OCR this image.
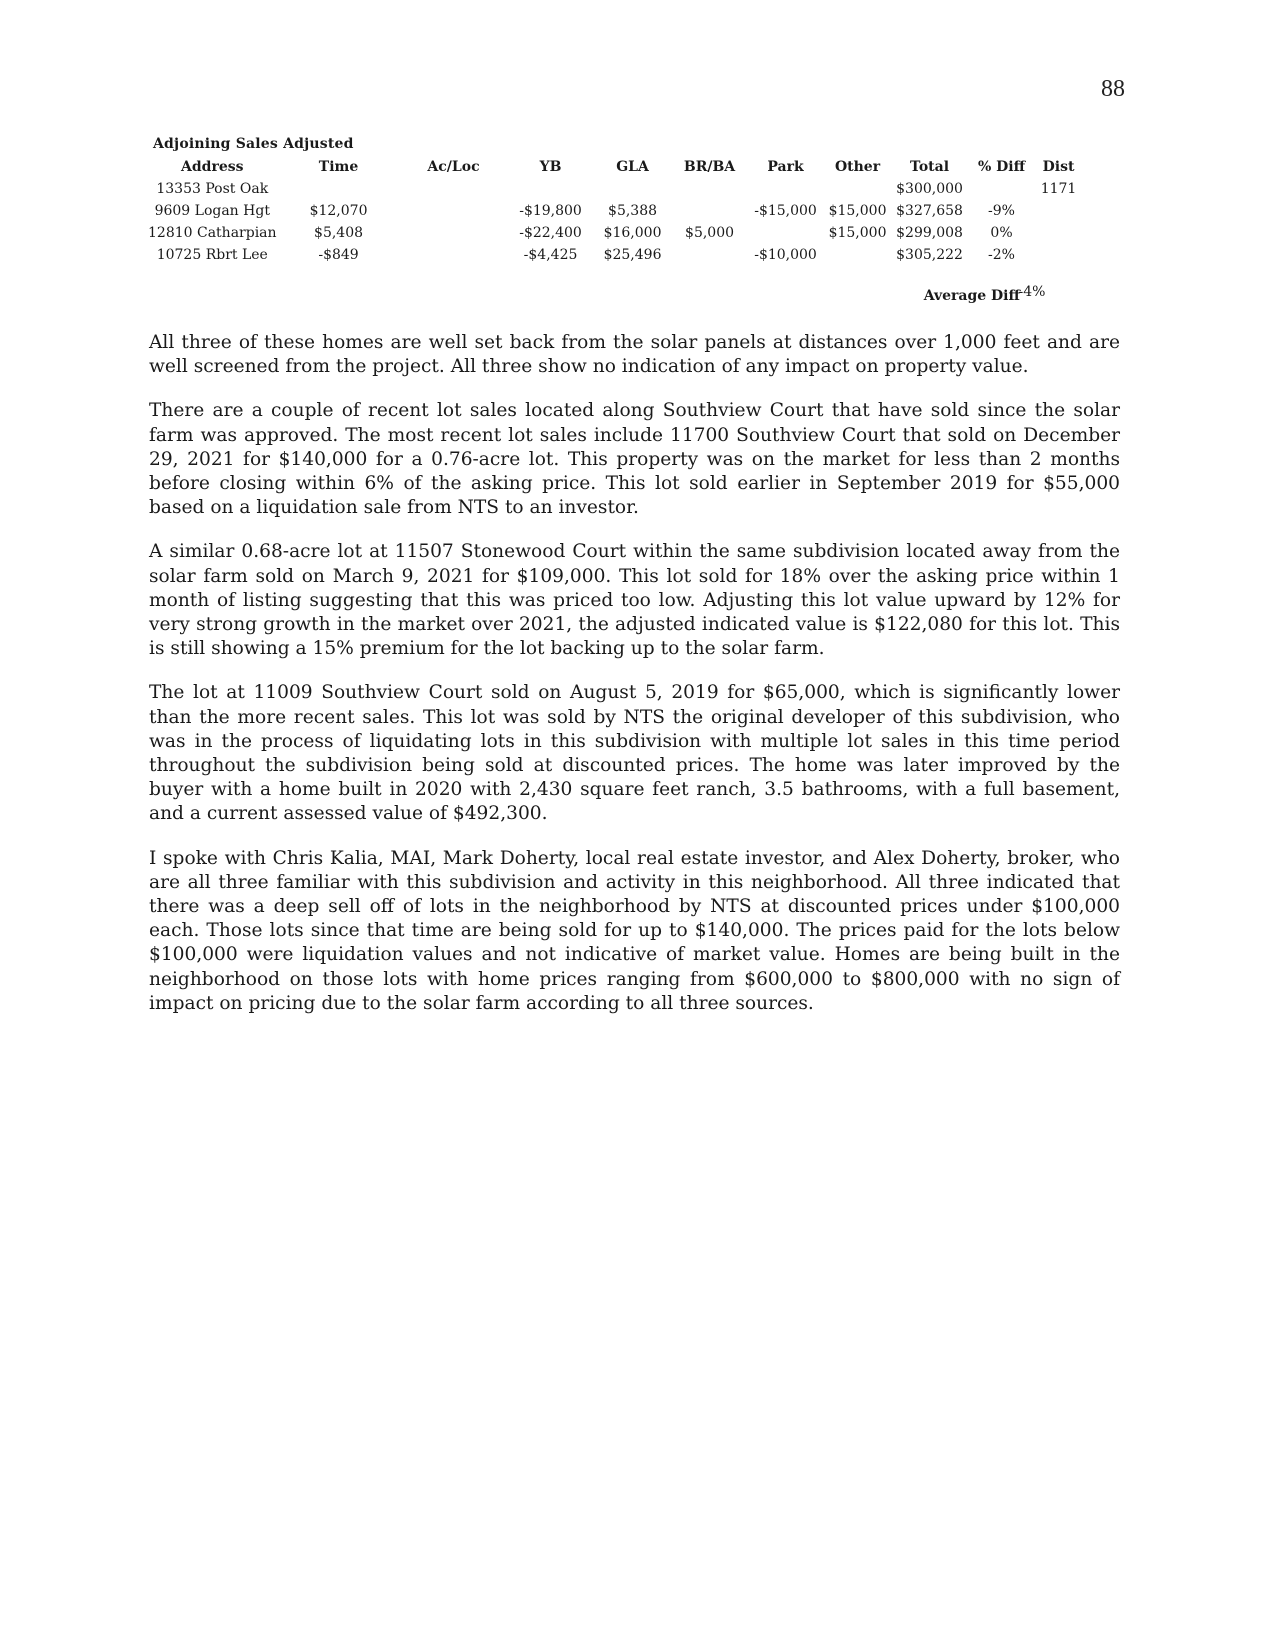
88
Adjoining Sales Adjusted
Address	Time	Ac/Loc	YB	GLA	BR/BA	Park	Other	Total	% Diff	Dist
13353 Post Oak								$300,000		1171
9609 Logan Hgt	$12,070		-$19,800	$5,388		-$15,000	$15,000	$327,658	-9%	
12810 Catharpian	$5,408		-$22,400	$16,000	$5,000		$15,000	$299,008	0%	
10725 Rbrt Lee	-$849		-$4,425	$25,496		-$10,000		$305,222	-2%	
Average Diff
-4%

All three of these homes are well set back from the solar panels at distances over 1,000 feet and are well screened from the project. All three show no indication of any impact on property value.

There are a couple of recent lot sales located along Southview Court that have sold since the solar farm was approved. The most recent lot sales include 11700 Southview Court that sold on December 29, 2021 for $140,000 for a 0.76-acre lot. This property was on the market for less than 2 months before closing within 6% of the asking price. This lot sold earlier in September 2019 for $55,000 based on a liquidation sale from NTS to an investor.

A similar 0.68-acre lot at 11507 Stonewood Court within the same subdivision located away from the solar farm sold on March 9, 2021 for $109,000. This lot sold for 18% over the asking price within 1 month of listing suggesting that this was priced too low. Adjusting this lot value upward by 12% for very strong growth in the market over 2021, the adjusted indicated value is $122,080 for this lot. This is still showing a 15% premium for the lot backing up to the solar farm.

The lot at 11009 Southview Court sold on August 5, 2019 for $65,000, which is significantly lower than the more recent sales. This lot was sold by NTS the original developer of this subdivision, who was in the process of liquidating lots in this subdivision with multiple lot sales in this time period throughout the subdivision being sold at discounted prices. The home was later improved by the buyer with a home built in 2020 with 2,430 square feet ranch, 3.5 bathrooms, with a full basement, and a current assessed value of $492,300.

I spoke with Chris Kalia, MAI, Mark Doherty, local real estate investor, and Alex Doherty, broker, who are all three familiar with this subdivision and activity in this neighborhood. All three indicated that there was a deep sell off of lots in the neighborhood by NTS at discounted prices under $100,000 each. Those lots since that time are being sold for up to $140,000. The prices paid for the lots below $100,000 were liquidation values and not indicative of market value. Homes are being built in the neighborhood on those lots with home prices ranging from $600,000 to $800,000 with no sign of impact on pricing due to the solar farm according to all three sources.
